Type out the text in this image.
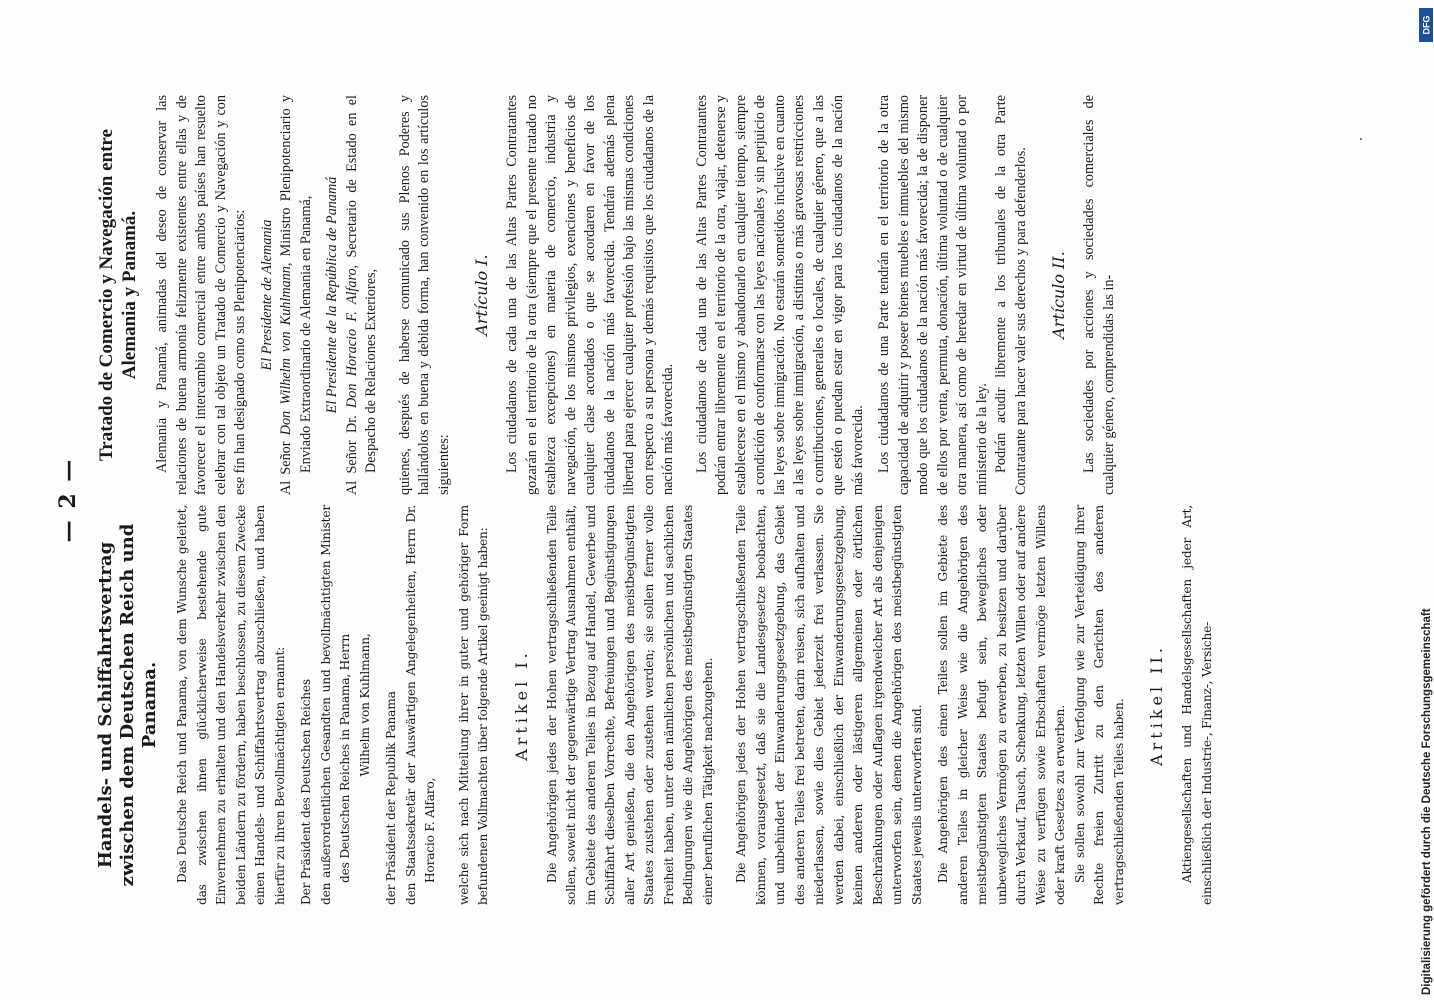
— 2 —
Handels- und Schiffahrtsvertrag zwischen dem Deutschen Reich und Panama. Das Deutsche Reich und Panama, von dem Wunsche geleitet, das zwischen ihnen glücklicherweise bestehende gute Einvernehmen zu erhalten und den Handelsverkehr zwischen den beiden Ländern zu fördern, haben beschlossen, zu diesem Zwecke einen Handels- und Schiffahrtsvertrag abzuschließen, und haben hierfür zu ihren Bevollmächtigten ernannt: Der Präsident des Deutschen Reiches den außerordentlichen Gesandten und bevollmächtigten Minister des Deutschen Reiches in Panama, Herrn Wilhelm von Kuhlmann, der Präsident der Republik Panama den Staatssekretär der Auswärtigen Angelegenheiten, Herrn Dr. Horacio F. Alfaro, welche sich nach Mitteilung ihrer in guter und gehöriger Form befundenen Vollmachten über folgende Artikel geeinigt haben: Artikel I. Die Angehörigen jedes der Hohen vertragschließenden Teile sollen, soweit nicht der gegenwärtige Vertrag Ausnahmen enthält, im Gebiete des anderen Teiles in Bezug auf Handel, Gewerbe und Schiffahrt dieselben Vorrechte, Befreiungen und Begünstigungen aller Art genießen, die den Angehörigen des meistbegünstigten Staates zustehen oder zustehen werden; sie sollen ferner volle Freiheit haben, unter den nämlichen persönlichen und sachlichen Bedingungen wie die Angehörigen des meistbegünstigten Staates einer beruflichen Tätigkeit nachzugehen. Die Angehörigen jedes der Hohen vertragschließenden Teile können, vorausgesetzt, daß sie die Landesgesetze beobachten, und unbehindert der Einwanderungsgesetzgebung, das Gebiet des anderen Teiles frei betreten, darin reisen, sich aufhalten und niederlassen, sowie dies Gebiet jederzeit frei verlassen. Sie werden dabei, einschließlich der Einwanderungsgesetzgebung, keinen anderen oder lästigeren allgemeinen oder örtlichen Beschränkungen oder Auflagen irgendwelcher Art als denjenigen unterworfen sein, denen die Angehörigen des meistbegünstigten Staates jeweils unterworfen sind. Die Angehörigen des einen Teiles sollen im Gebiete des anderen Teiles in gleicher Weise wie die Angehörigen des meistbegünstigten Staates befugt sein, bewegliches oder unbewegliches Vermögen zu erwerben, zu besitzen und darüber durch Verkauf, Tausch, Schenkung, letzten Willen oder auf andere Weise zu verfügen sowie Erbschaften vermöge letzten Willens oder kraft Gesetzes zu erwerben. Sie sollen sowohl zur Verfolgung wie zur Verteidigung ihrer Rechte freien Zutritt zu den Gerichten des anderen vertragschließenden Teiles haben. Artikel II. Aktiengesellschaften und Handelsgesellschaften jeder Art, einschließlich der Industrie-, Finanz-, Versiche-

Tratado de Comercio y Navegación entre Alemania y Panamá. Alemania y Panamá, animadas del deseo de conservar las relaciones de buena armonía felizmente existentes entre ellas y de favorecer el intercambio comercial entre ambos países han resuelto celebrar con tal objeto un Tratado de Comercio y Navegación y con ese fin han designado como sus Plenipotenciarios: El Presidente de Alemania

Al Señor Don Wilhelm von Kuhlmann, Ministro Plenipotenciario y Enviado Extraordinario de Alemania en Panamá, El Presidente de la República de Panamá

Al Señor Dr. Don Horacio F. Alfaro, Secretario de Estado en el Despacho de Relaciones Exteriores, quienes, después de haberse comunicado sus Plenos Poderes y hallándolos en buena y debida forma, han convenido en los artículos siguientes:

Artículo I. Los ciudadanos de cada una de las Altas Partes Contratantes gozarán en el territorio de la otra (siempre que el presente tratado no establezca excepciones) en materia de comercio, industria y navegación, de los mismos privilegios, exenciones y beneficios de cualquier clase acordados o que se acordaren en favor de los ciudadanos de la nación más favorecida. Tendrán además plena libertad para ejercer cualquier profesión bajo las mismas condiciones con respecto a su persona y demás requisitos que los ciudadanos de la nación más favorecida. Los ciudadanos de cada una de las Altas Partes Contratantes podrán entrar libremente en el territorio de la otra, viajar, detenerse y establecerse en el mismo y abandonarlo en cualquier tiempo, siempre a condición de conformarse con las leyes nacionales y sin perjuicio de las leyes sobre inmigración. No estarán sometidos inclusive en cuanto a las leyes sobre inmigración, a distintas o más gravosas restricciones o contribuciones, generales o locales, de cualquier género, que a las que estén o puedan estar en vigor para los ciudadanos de la nación más favorecida. Los ciudadanos de una Parte tendrán en el territorio de la otra capacidad de adquirir y poseer bienes muebles e inmuebles del mismo modo que los ciudadanos de la nación más favorecida; la de disponer de ellos por venta, permuta, donación, última voluntad o de cualquier otra manera, así como de heredar en virtud de última voluntad o por ministerio de la ley. Podrán acudir libremente a los tribunales de la otra Parte Contratante para hacer valer sus derechos y para defenderlos. Artículo II. Las sociedades por acciones y sociedades comerciales de cualquier género, comprendidas las in-

DFG
Digitalisierung gefördert durch die Deutsche Forschungsgemeinschaft
